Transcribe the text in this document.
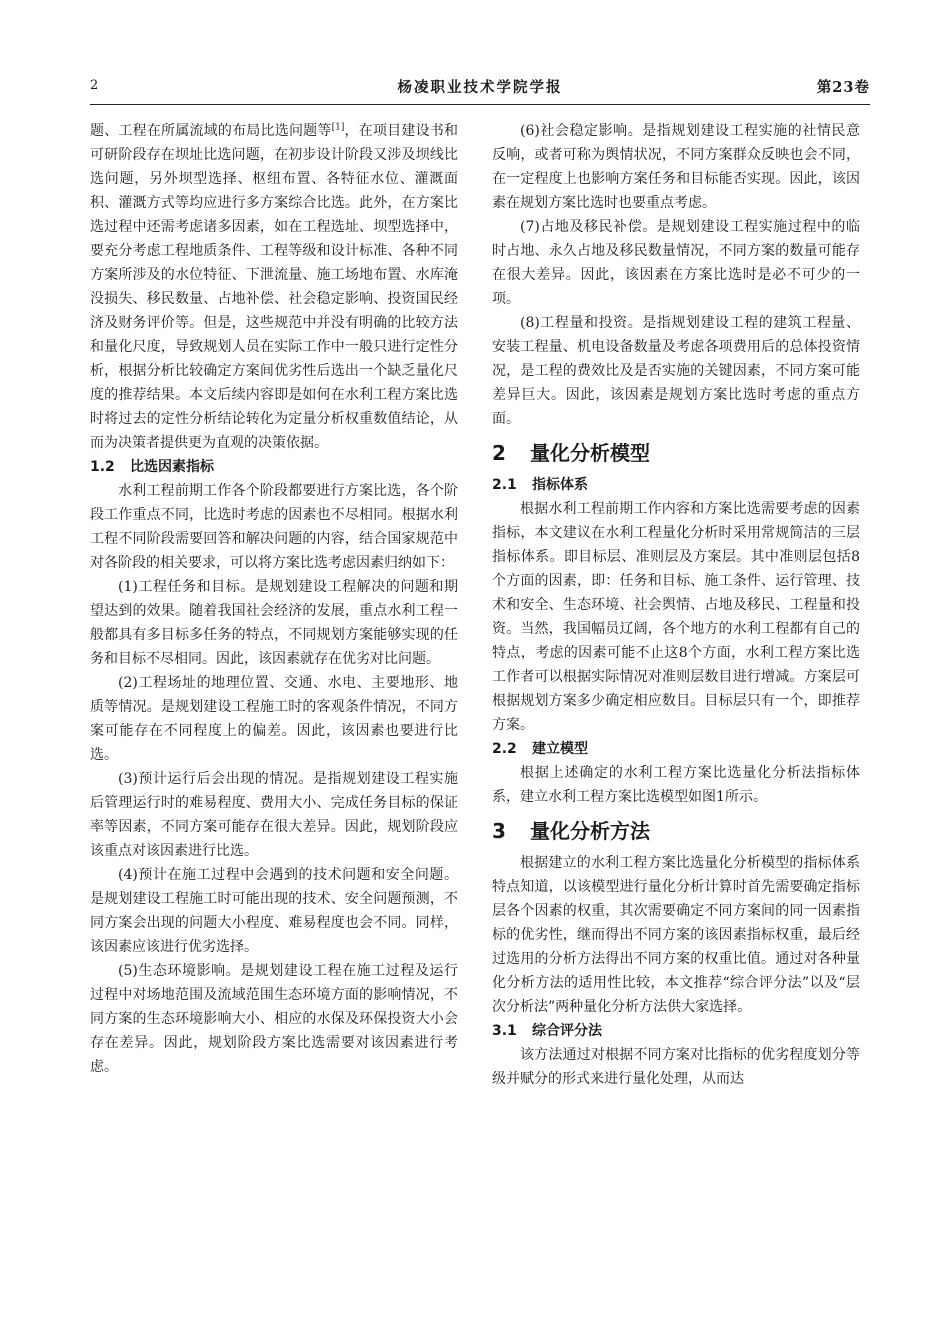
2	杨凌职业技术学院学报	第23卷

题、工程在所属流域的布局比选问题等[1]，在项目建设书和可研阶段存在坝址比选问题，在初步设计阶段又涉及坝线比选问题，另外坝型选择、枢纽布置、各特征水位、灌溉面积、灌溉方式等均应进行多方案综合比选。此外，在方案比选过程中还需考虑诸多因素，如在工程选址、坝型选择中，要充分考虑工程地质条件、工程等级和设计标准、各种不同方案所涉及的水位特征、下泄流量、施工场地布置、水库淹没损失、移民数量、占地补偿、社会稳定影响、投资国民经济及财务评价等。但是，这些规范中并没有明确的比较方法和量化尺度，导致规划人员在实际工作中一般只进行定性分析，根据分析比较确定方案间优劣性后选出一个缺乏量化尺度的推荐结果。本文后续内容即是如何在水利工程方案比选时将过去的定性分析结论转化为定量分析权重数值结论，从而为决策者提供更为直观的决策依据。

1.2 比选因素指标

水利工程前期工作各个阶段都要进行方案比选，各个阶段工作重点不同，比选时考虑的因素也不尽相同。根据水利工程不同阶段需要回答和解决问题的内容，结合国家规范中对各阶段的相关要求，可以将方案比选考虑因素归纳如下：

(1)工程任务和目标。是规划建设工程解决的问题和期望达到的效果。随着我国社会经济的发展，重点水利工程一般都具有多目标多任务的特点，不同规划方案能够实现的任务和目标不尽相同。因此，该因素就存在优劣对比问题。

(2)工程场址的地理位置、交通、水电、主要地形、地质等情况。是规划建设工程施工时的客观条件情况，不同方案可能存在不同程度上的偏差。因此，该因素也要进行比选。

(3)预计运行后会出现的情况。是指规划建设工程实施后管理运行时的难易程度、费用大小、完成任务目标的保证率等因素，不同方案可能存在很大差异。因此，规划阶段应该重点对该因素进行比选。

(4)预计在施工过程中会遇到的技术问题和安全问题。是规划建设工程施工时可能出现的技术、安全问题预测，不同方案会出现的问题大小程度、难易程度也会不同。同样，该因素应该进行优劣选择。

(5)生态环境影响。是规划建设工程在施工过程及运行过程中对场地范围及流域范围生态环境方面的影响情况，不同方案的生态环境影响大小、相应的水保及环保投资大小会存在差异。因此，规划阶段方案比选需要对该因素进行考虑。

(6)社会稳定影响。是指规划建设工程实施的社情民意反响，或者可称为舆情状况，不同方案群众反映也会不同，在一定程度上也影响方案任务和目标能否实现。因此，该因素在规划方案比选时也要重点考虑。

(7)占地及移民补偿。是规划建设工程实施过程中的临时占地、永久占地及移民数量情况，不同方案的数量可能存在很大差异。因此，该因素在方案比选时是必不可少的一项。

(8)工程量和投资。是指规划建设工程的建筑工程量、安装工程量、机电设备数量及考虑各项费用后的总体投资情况，是工程的费效比及是否实施的关键因素，不同方案可能差异巨大。因此，该因素是规划方案比选时考虑的重点方面。

2 量化分析模型
2.1 指标体系

根据水利工程前期工作内容和方案比选需要考虑的因素指标，本文建议在水利工程量化分析时采用常规简洁的三层指标体系。即目标层、准则层及方案层。其中准则层包括8个方面的因素，即：任务和目标、施工条件、运行管理、技术和安全、生态环境、社会舆情、占地及移民、工程量和投资。当然，我国幅员辽阔，各个地方的水利工程都有自己的特点，考虑的因素可能不止这8个方面，水利工程方案比选工作者可以根据实际情况对准则层数目进行增减。方案层可根据规划方案多少确定相应数目。目标层只有一个，即推荐方案。

2.2 建立模型

根据上述确定的水利工程方案比选量化分析法指标体系，建立水利工程方案比选模型如图1所示。

3 量化分析方法

根据建立的水利工程方案比选量化分析模型的指标体系特点知道，以该模型进行量化分析计算时首先需要确定指标层各个因素的权重，其次需要确定不同方案间的同一因素指标的优劣性，继而得出不同方案的该因素指标权重，最后经过选用的分析方法得出不同方案的权重比值。通过对各种量化分析方法的适用性比较，本文推荐“综合评分法”以及“层次分析法”两种量化分析方法供大家选择。

3.1 综合评分法

该方法通过对根据不同方案对比指标的优劣程度划分等级并赋分的形式来进行量化处理，从而达
